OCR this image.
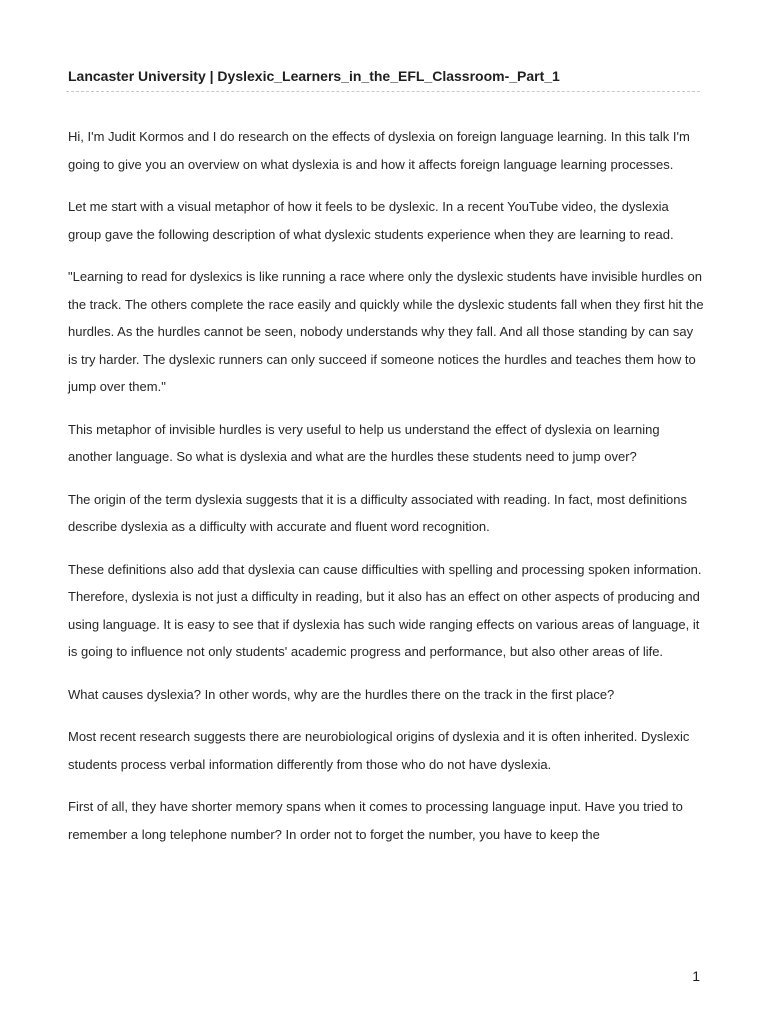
Lancaster University | Dyslexic_Learners_in_the_EFL_Classroom-_Part_1

Hi, I'm Judit Kormos and I do research on the effects of dyslexia on foreign language learning. In this talk I'm going to give you an overview on what dyslexia is and how it affects foreign language learning processes.

Let me start with a visual metaphor of how it feels to be dyslexic. In a recent YouTube video, the dyslexia group gave the following description of what dyslexic students experience when they are learning to read.

"Learning to read for dyslexics is like running a race where only the dyslexic students have invisible hurdles on the track. The others complete the race easily and quickly while the dyslexic students fall when they first hit the hurdles. As the hurdles cannot be seen, nobody understands why they fall. And all those standing by can say is try harder. The dyslexic runners can only succeed if someone notices the hurdles and teaches them how to jump over them."

This metaphor of invisible hurdles is very useful to help us understand the effect of dyslexia on learning another language. So what is dyslexia and what are the hurdles these students need to jump over?

The origin of the term dyslexia suggests that it is a difficulty associated with reading. In fact, most definitions describe dyslexia as a difficulty with accurate and fluent word recognition.

These definitions also add that dyslexia can cause difficulties with spelling and processing spoken information. Therefore, dyslexia is not just a difficulty in reading, but it also has an effect on other aspects of producing and using language. It is easy to see that if dyslexia has such wide ranging effects on various areas of language, it is going to influence not only students' academic progress and performance, but also other areas of life.

What causes dyslexia? In other words, why are the hurdles there on the track in the first place?

Most recent research suggests there are neurobiological origins of dyslexia and it is often inherited. Dyslexic students process verbal information differently from those who do not have dyslexia.

First of all, they have shorter memory spans when it comes to processing language input. Have you tried to remember a long telephone number? In order not to forget the number, you have to keep the

1
